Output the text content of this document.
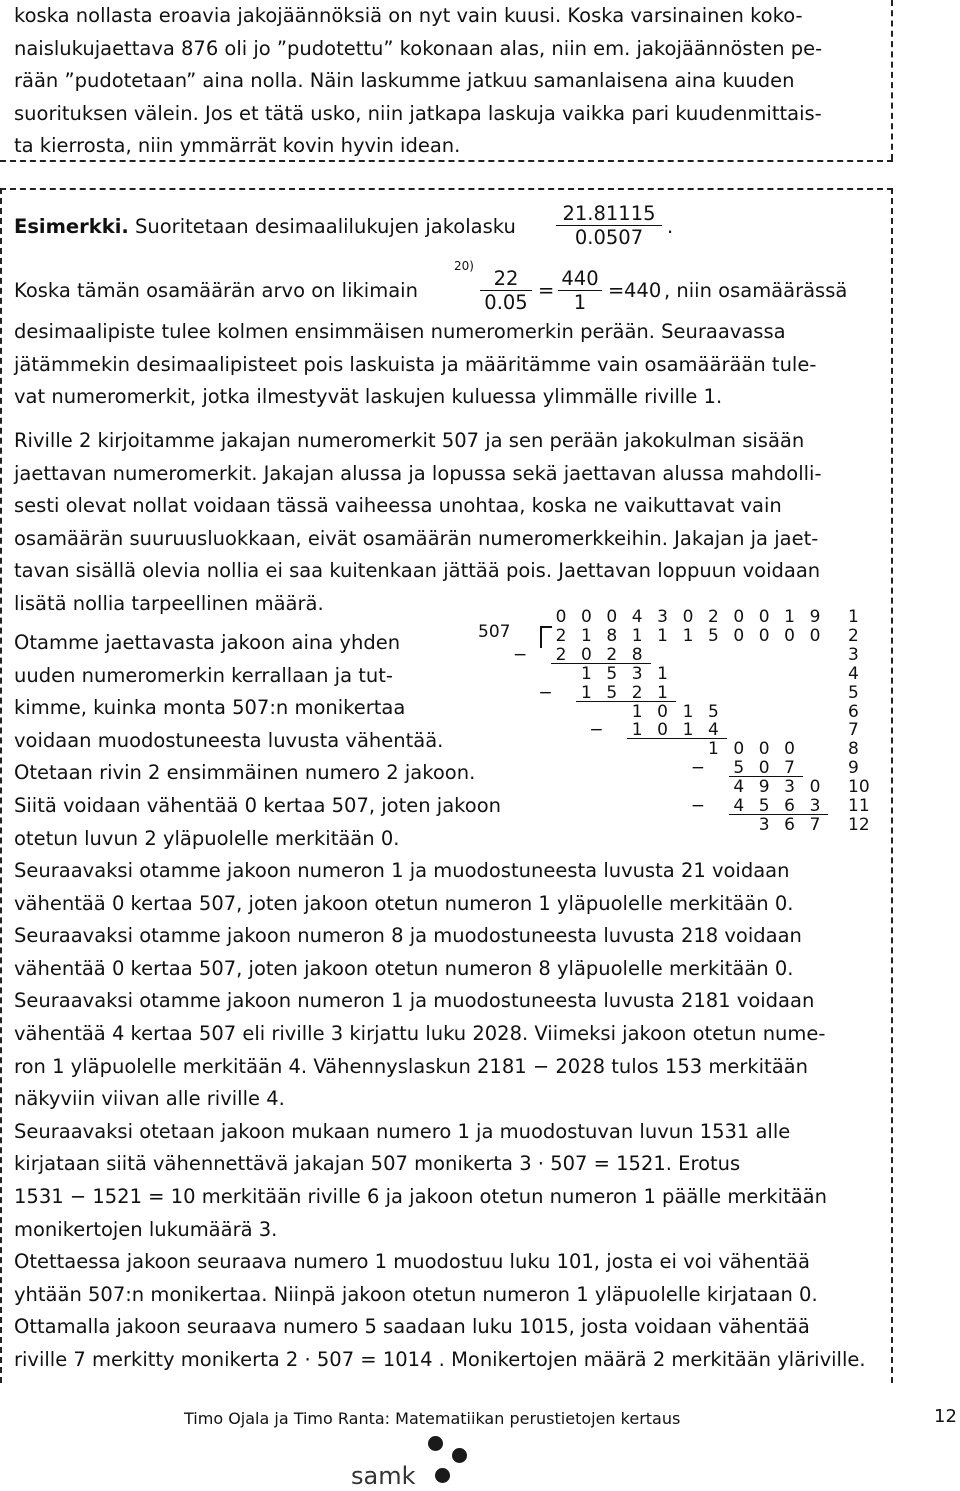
koska nollasta eroavia jakojäännöksiä on nyt vain kuusi. Koska varsinainen koko-
naislukujaettava 876 oli jo ”pudotettu” kokonaan alas, niin em. jakojäännösten pe-
rään ”pudotetaan” aina nolla. Näin laskumme jatkuu samanlaisena aina kuuden
suorituksen välein. Jos et tätä usko, niin jatkapa laskuja vaikka pari kuudenmittais-
ta kierrosta, niin ymmärrät kovin hyvin idean.
Esimerkki. Suoritetaan desimaalilukujen jakolasku $\frac{21.81115}{0.0507}$ .
Koska tämän osamäärän arvo on likimain
20)
$\frac{22}{0.05} = \frac{440}{1} = 440$ , niin osamäärässä
desimaalipiste tulee kolmen ensimmäisen numeromerkin perään. Seuraavassa
jätämmekin desimaalipisteet pois laskuista ja määritämme vain osamäärään tule-
vat numeromerkit, jotka ilmestyvät laskujen kuluessa ylimmälle riville 1.
Riville 2 kirjoitamme jakajan numeromerkit 507 ja sen perään jakokulman sisään
jaettavan numeromerkit. Jakajan alussa ja lopussa sekä jaettavan alussa mahdolli-
sesti olevat nollat voidaan tässä vaiheessa unohtaa, koska ne vaikuttavat vain
osamäärän suuruusluokkaan, eivät osamäärän numeromerkkeihin. Jakajan ja jaet-
tavan sisällä olevia nollia ei saa kuitenkaan jättää pois. Jaettavan loppuun voidaan
lisätä nollia tarpeellinen määrä.
Otamme jaettavasta jakoon aina yhden
uuden numeromerkin kerrallaan ja tut-
kimme, kuinka monta 507:n monikertaa
voidaan muodostuneesta luvusta vähentää.
Otetaan rivin 2 ensimmäinen numero 2 jakoon.
Siitä voidaan vähentää 0 kertaa 507, joten jakoon
otetun luvun 2 yläpuolelle merkitään 0.
507
0 0 0 4 3 0 2 0 0 1 9
2 1 8 1 1 1 5 0 0 0 0
2 0 2 8
−
1 5 3 1
1 5 2 1
−
1 0 1 5
1 0 1 4
−
1 0 0 0
5 0 7
−
4 9 3 0
4 5 6 3
−
3 6 7
1
2
3
4
5
6
7
8
9
10
11
12
Seuraavaksi otamme jakoon numeron 1 ja muodostuneesta luvusta 21 voidaan
vähentää 0 kertaa 507, joten jakoon otetun numeron 1 yläpuolelle merkitään 0.
Seuraavaksi otamme jakoon numeron 8 ja muodostuneesta luvusta 218 voidaan
vähentää 0 kertaa 507, joten jakoon otetun numeron 8 yläpuolelle merkitään 0.
Seuraavaksi otamme jakoon numeron 1 ja muodostuneesta luvusta 2181 voidaan
vähentää 4 kertaa 507 eli riville 3 kirjattu luku 2028. Viimeksi jakoon otetun nume-
ron 1 yläpuolelle merkitään 4. Vähennyslaskun 2181 − 2028 tulos 153 merkitään
näkyviin viivan alle riville 4.
Seuraavaksi otetaan jakoon mukaan numero 1 ja muodostuvan luvun 1531 alle
kirjataan siitä vähennettävä jakajan 507 monikerta 3 · 507 = 1521. Erotus
1531 − 1521 = 10 merkitään riville 6 ja jakoon otetun numeron 1 päälle merkitään
monikertojen lukumäärä 3.
Otettaessa jakoon seuraava numero 1 muodostuu luku 101, josta ei voi vähentää
yhtään 507:n monikertaa. Niinpä jakoon otetun numeron 1 yläpuolelle kirjataan 0.
Ottamalla jakoon seuraava numero 5 saadaan luku 1015, josta voidaan vähentää
riville 7 merkitty monikerta 2 · 507 = 1014 . Monikertojen määrä 2 merkitään yläriville.
Timo Ojala ja Timo Ranta: Matematiikan perustietojen kertaus	12
samk
